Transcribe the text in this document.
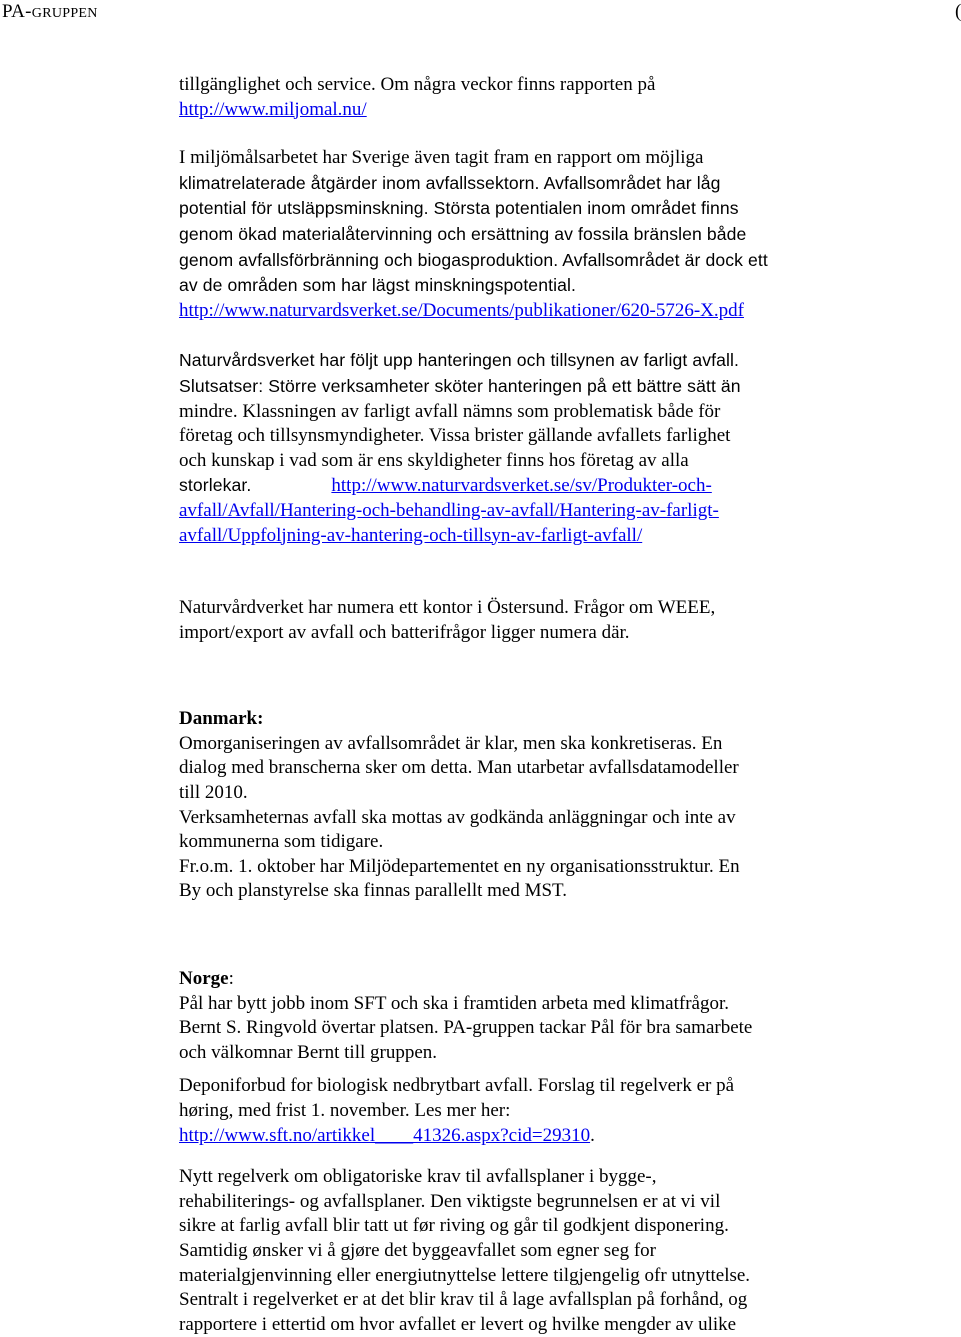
PA-GRUPPEN	(

tillgänglighet och service. Om några veckor finns rapporten på
http://www.miljomal.nu/

I miljömålsarbetet har Sverige även tagit fram en rapport om möjliga
klimatrelaterade åtgärder inom avfallssektorn. Avfallsområdet har låg
potential för utsläppsminskning. Största potentialen inom området finns
genom ökad materialåtervinning och ersättning av fossila bränslen både
genom avfallsförbränning och biogasproduktion. Avfallsområdet är dock ett
av de områden som har lägst minskningspotential.
http://www.naturvardsverket.se/Documents/publikationer/620-5726-X.pdf

Naturvårdsverket har följt upp hanteringen och tillsynen av farligt avfall.
Slutsatser: Större verksamheter sköter hanteringen på ett bättre sätt än
mindre. Klassningen av farligt avfall nämns som problematisk både för
företag och tillsynsmyndigheter. Vissa brister gällande avfallets farlighet
och kunskap i vad som är ens skyldigheter finns hos företag av alla
storlekar.	http://www.naturvardsverket.se/sv/Produkter-och-
avfall/Avfall/Hantering-och-behandling-av-avfall/Hantering-av-farligt-
avfall/Uppfoljning-av-hantering-och-tillsyn-av-farligt-avfall/

Naturvårdverket har numera ett kontor i Östersund. Frågor om WEEE,
import/export av avfall och batterifrågor ligger numera där.

Danmark:
Omorganiseringen av avfallsområdet är klar, men ska konkretiseras. En
dialog med branscherna sker om detta. Man utarbetar avfallsdatamodeller
till 2010.
Verksamheternas avfall ska mottas av godkända anläggningar och inte av
kommunerna som tidigare.
Fr.o.m. 1. oktober har Miljödepartementet en ny organisationsstruktur. En
By och planstyrelse ska finnas parallellt med MST.

Norge:
Pål har bytt jobb inom SFT och ska i framtiden arbeta med klimatfrågor.
Bernt S. Ringvold övertar platsen. PA-gruppen tackar Pål för bra samarbete
och välkomnar Bernt till gruppen.

Deponiforbud for biologisk nedbrytbart avfall. Forslag til regelverk er på
høring, med frist 1. november. Les mer her:
http://www.sft.no/artikkel____41326.aspx?cid=29310.

Nytt regelverk om obligatoriske krav til avfallsplaner i bygge-,
rehabiliterings- og avfallsplaner. Den viktigste begrunnelsen er at vi vil
sikre at farlig avfall blir tatt ut før riving og går til godkjent disponering.
Samtidig ønsker vi å gjøre det byggeavfallet som egner seg for
materialgjenvinning eller energiutnyttelse lettere tilgjengelig ofr utnyttelse.
Sentralt i regelverket er at det blir krav til å lage avfallsplan på forhånd, og
rapportere i ettertid om hvor avfallet er levert og hvilke mengder av ulike
